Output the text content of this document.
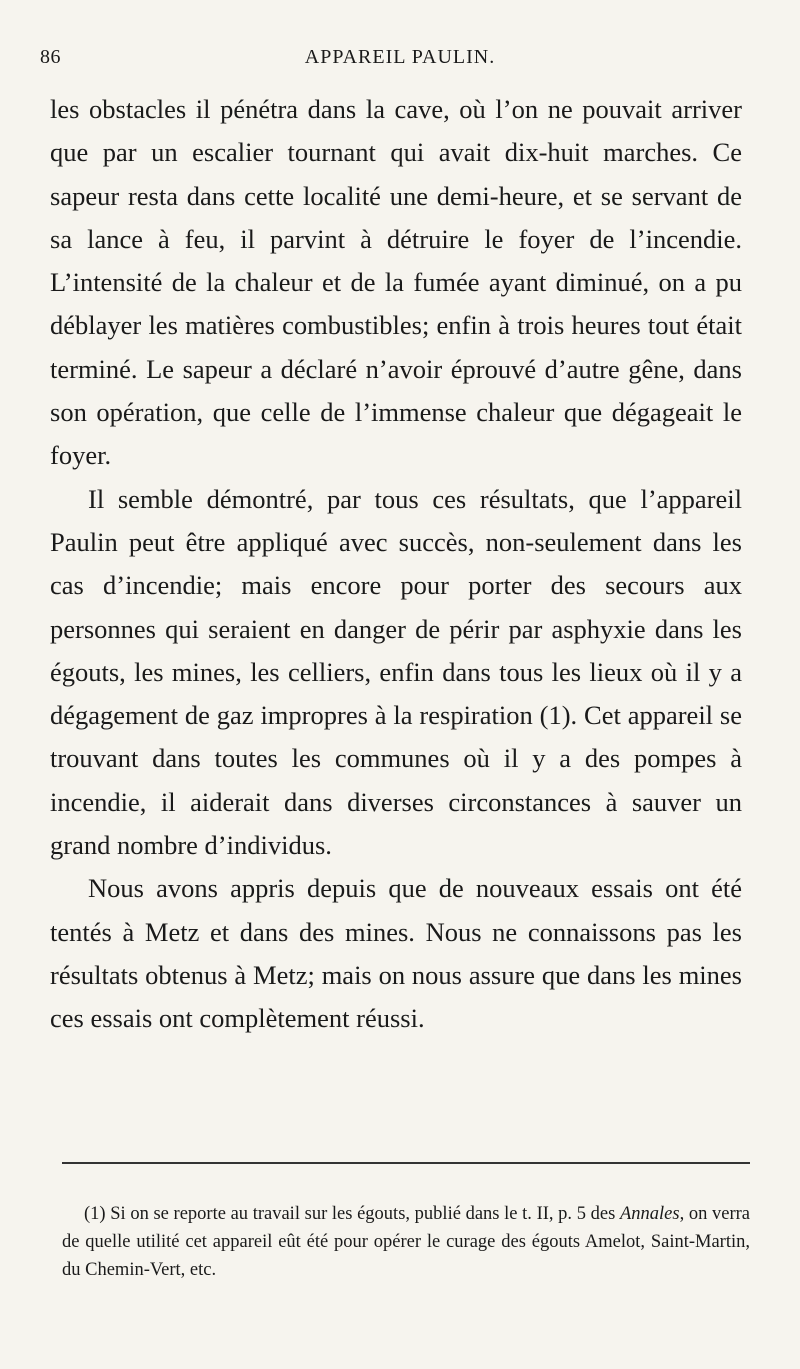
86	APPAREIL PAULIN.

les obstacles il pénétra dans la cave, où l’on ne pouvait arriver que par un escalier tournant qui avait dix-huit marches. Ce sapeur resta dans cette localité une demi-heure, et se servant de sa lance à feu, il parvint à détruire le foyer de l’incendie. L’intensité de la chaleur et de la fumée ayant diminué, on a pu déblayer les matières combustibles; enfin à trois heures tout était terminé. Le sapeur a déclaré n’avoir éprouvé d’autre gêne, dans son opération, que celle de l’immense chaleur que dégageait le foyer.

Il semble démontré, par tous ces résultats, que l’appareil Paulin peut être appliqué avec succès, non-seulement dans les cas d’incendie; mais encore pour porter des secours aux personnes qui seraient en danger de périr par asphyxie dans les égouts, les mines, les celliers, enfin dans tous les lieux où il y a dégagement de gaz impropres à la respiration (1). Cet appareil se trouvant dans toutes les communes où il y a des pompes à incendie, il aiderait dans diverses circonstances à sauver un grand nombre d’individus.

Nous avons appris depuis que de nouveaux essais ont été tentés à Metz et dans des mines. Nous ne connaissons pas les résultats obtenus à Metz; mais on nous assure que dans les mines ces essais ont complètement réussi.

(1) Si on se reporte au travail sur les égouts, publié dans le t. II, p. 5 des Annales, on verra de quelle utilité cet appareil eût été pour opérer le curage des égouts Amelot, Saint-Martin, du Chemin-Vert, etc.
